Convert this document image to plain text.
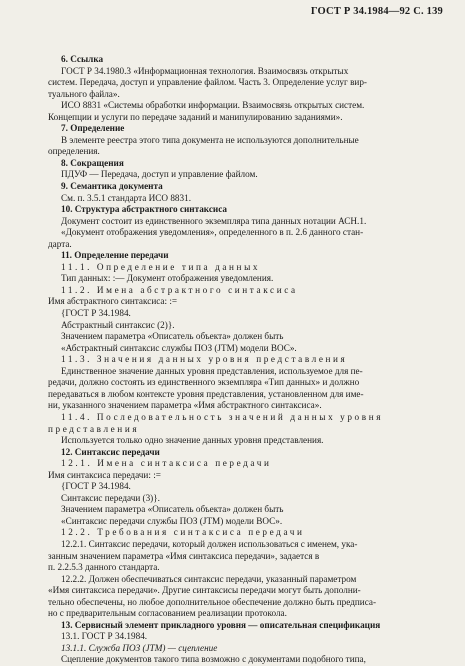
ГОСТ Р 34.1984—92 С. 139
6. Ссылка
ГОСТ Р 34.1980.3 «Информационная технология. Взаимосвязь открытых
систем. Передача, доступ и управление файлом. Часть 3. Определение услуг вир-
туального файла».
ИСО 8831 «Системы обработки информации. Взаимосвязь открытых систем.
Концепции и услуги по передаче заданий и манипулированию заданиями».
7. Определение
В элементе реестра этого типа документа не используются дополнительные
определения.
8. Сокращения
ПДУФ — Передача, доступ и управление файлом.
9. Семантика документа
См. п. 3.5.1 стандарта ИСО 8831.
10. Структура абстрактного синтаксиса
Документ состоит из единственного экземпляра типа данных нотации АСН.1.
«Документ отображения уведомления», определенного в п. 2.6 данного стан-
дарта.
11. Определение передачи
11.1. Определение типа данных
Тип данных: :— Документ отображения уведомления.
11.2. Имена абстрактного синтаксиса
Имя абстрактного синтаксиса: :=
{ГОСТ Р 34.1984.
Абстрактный синтаксис (2)}.
Значением параметра «Описатель объекта» должен быть
«Абстрактный синтаксис службы ПОЗ (JTM) модели ВОС».
11.3. Значения данных уровня представления
Единственное значение данных уровня представления, используемое для пе-
редачи, должно состоять из единственного экземпляра «Тип данных» и должно
передаваться в любом контексте уровня представления, установленном для име-
ни, указанного значением параметра «Имя абстрактного синтаксиса».
11.4. Последовательность значений данных уровня
представления
Используется только одно значение данных уровня представления.
12. Синтаксис передачи
12.1. Имена синтаксиса передачи
Имя синтаксиса передачи: :=
{ГОСТ Р 34.1984.
Синтаксис передачи (3)}.
Значением параметра «Описатель объекта» должен быть
«Синтаксис передачи службы ПОЗ (JTM) модели ВОС».
12.2. Требования синтаксиса передачи
12.2.1. Синтаксис передачи, который должен использоваться с именем, ука-
занным значением параметра «Имя синтаксиса передачи», задается в
п. 2.2.5.3 данного стандарта.
12.2.2. Должен обеспечиваться синтаксис передачи, указанный параметром
«Имя синтаксиса передачи». Другие синтаксисы передачи могут быть дополни-
тельно обеспечены, но любое дополнительное обеспечение должно быть предписа-
но с предварительным согласованием реализации протокола.
13. Сервисный элемент прикладного уровня — описательная спецификация
13.1. ГОСТ Р 34.1984.
13.1.1. Служба ПОЗ (JTM) — сцепление
Сцепление документов такого типа возможно с документами подобного типа,
